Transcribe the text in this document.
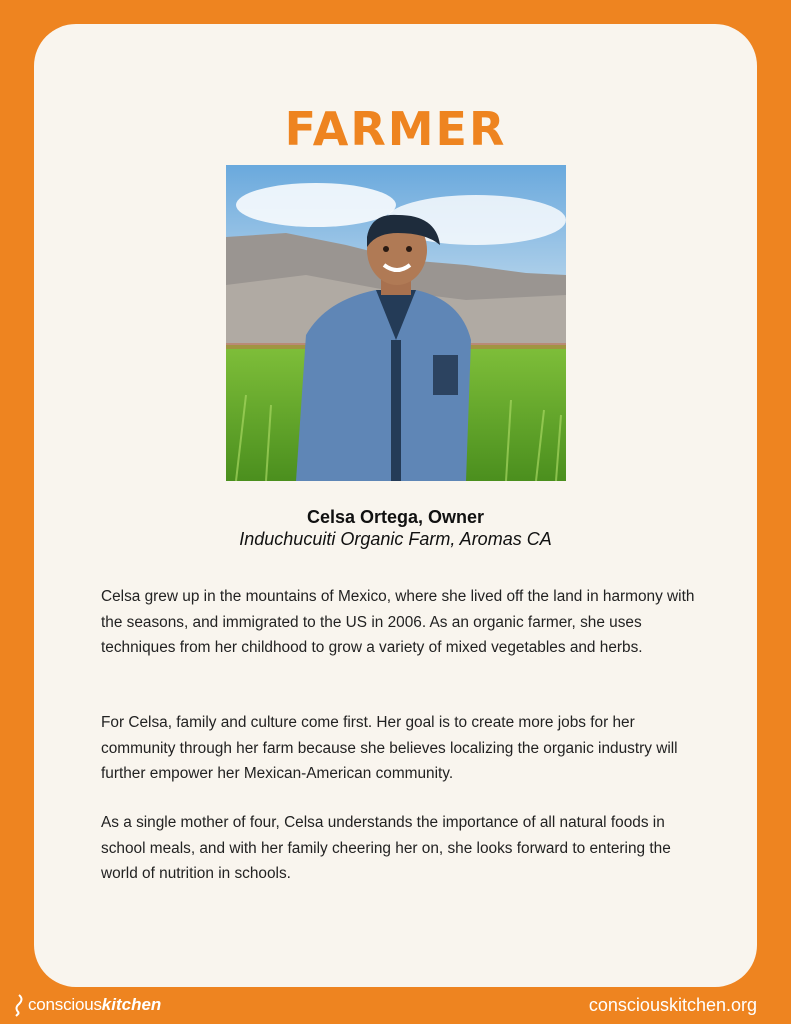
FARMER
Celsa Ortega, Owner
Induchucuiti Organic Farm, Aromas CA

Celsa grew up in the mountains of Mexico, where she lived off the land in harmony with the seasons, and immigrated to the US in 2006. As an organic farmer, she uses techniques from her childhood to grow a variety of mixed vegetables and herbs.

For Celsa, family and culture come first. Her goal is to create more jobs for her community through her farm because she believes localizing the organic industry will further empower her Mexican-American community.

As a single mother of four, Celsa understands the importance of all natural foods in school meals, and with her family cheering her on, she looks forward to entering the world of nutrition in schools.

conscious kitchen	consciouskitchen.org
